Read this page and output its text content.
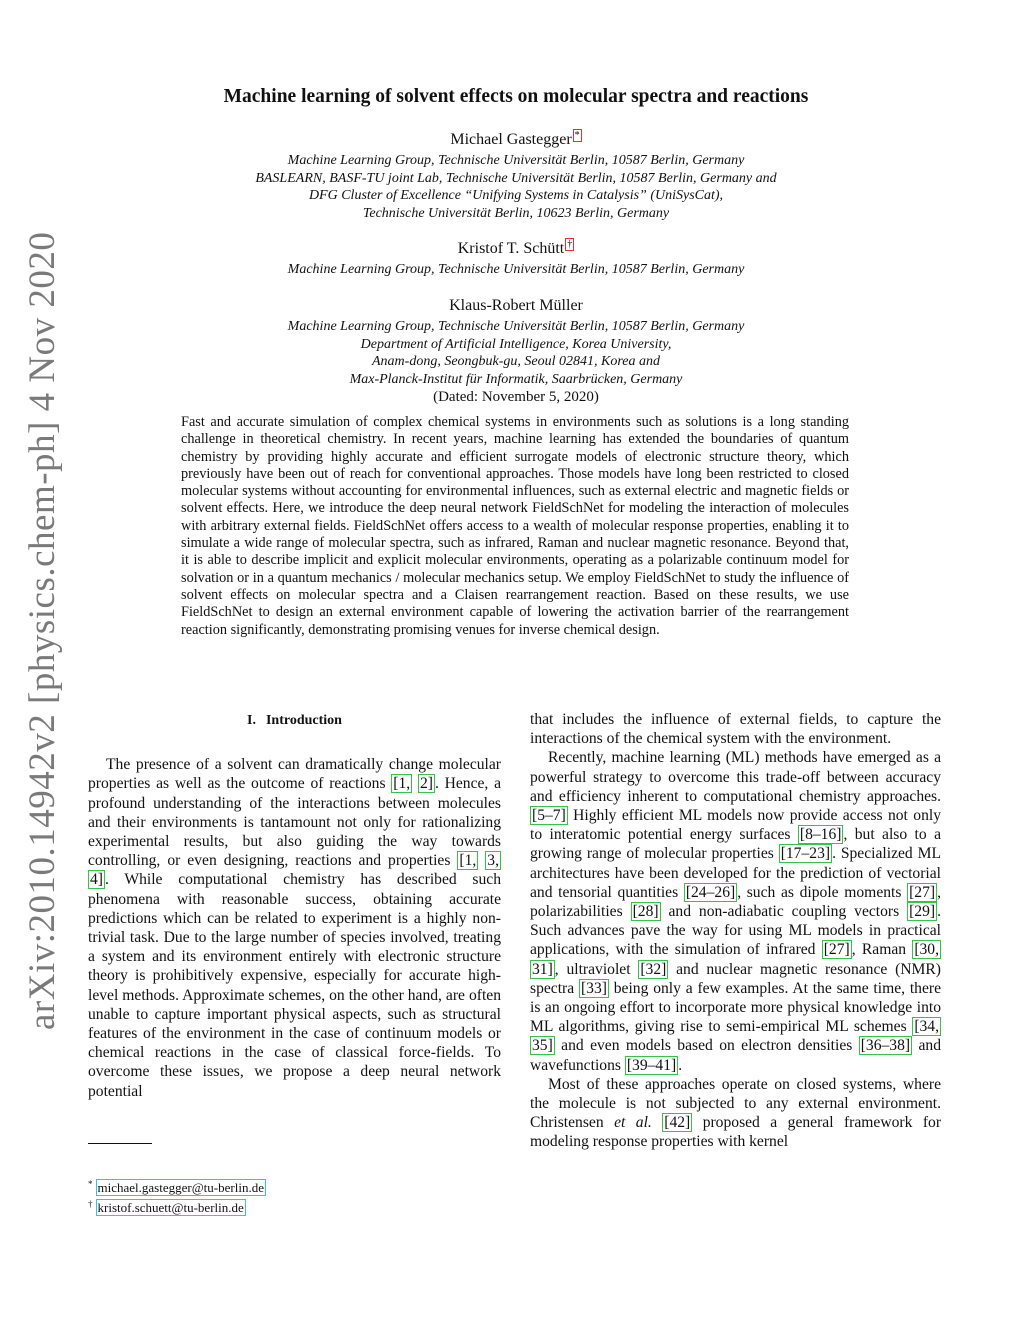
arXiv:2010.14942v2 [physics.chem-ph] 4 Nov 2020
Machine learning of solvent effects on molecular spectra and reactions
Michael Gastegger *

Machine Learning Group, Technische Universität Berlin, 10587 Berlin, Germany

BASLEARN, BASF-TU joint Lab, Technische Universität Berlin, 10587 Berlin, Germany and

DFG Cluster of Excellence “Unifying Systems in Catalysis” (UniSysCat),

Technische Universität Berlin, 10623 Berlin, Germany

Kristof T. Schütt †

Machine Learning Group, Technische Universität Berlin, 10587 Berlin, Germany

Klaus-Robert Müller

Machine Learning Group, Technische Universität Berlin, 10587 Berlin, Germany

Department of Artificial Intelligence, Korea University,

Anam-dong, Seongbuk-gu, Seoul 02841, Korea and

Max-Planck-Institut für Informatik, Saarbrücken, Germany

(Dated: November 5, 2020)

Fast and accurate simulation of complex chemical systems in environments such as solutions is a long standing challenge in theoretical chemistry. In recent years, machine learning has extended the boundaries of quantum chemistry by providing highly accurate and efficient surrogate models of electronic structure theory, which previously have been out of reach for conventional approaches. Those models have long been restricted to closed molecular systems without accounting for environmental influences, such as external electric and magnetic fields or solvent effects. Here, we introduce the deep neural network FieldSchNet for modeling the interaction of molecules with arbitrary external fields. FieldSchNet offers access to a wealth of molecular response properties, enabling it to simulate a wide range of molecular spectra, such as infrared, Raman and nuclear magnetic resonance. Beyond that, it is able to describe implicit and explicit molecular environments, operating as a polarizable continuum model for solvation or in a quantum mechanics / molecular mechanics setup. We employ FieldSchNet to study the influence of solvent effects on molecular spectra and a Claisen rearrangement reaction. Based on these results, we use FieldSchNet to design an external environment capable of lowering the activation barrier of the rearrangement reaction significantly, demonstrating promising venues for inverse chemical design.

I. Introduction

The presence of a solvent can dramatically change molecular properties as well as the outcome of reactions [1, 2] . Hence, a profound understanding of the interactions between molecules and their environments is tantamount not only for rationalizing experimental results, but also guiding the way towards controlling, or even designing, reactions and properties [1, 3, 4] . While computational chemistry has described such phenomena with reasonable success, obtaining accurate predictions which can be related to experiment is a highly non-trivial task. Due to the large number of species involved, treating a system and its environment entirely with electronic structure theory is prohibitively expensive, especially for accurate high-level methods. Approximate schemes, on the other hand, are often unable to capture important physical aspects, such as structural features of the environment in the case of continuum models or chemical reactions in the case of classical force-fields. To overcome these issues, we propose a deep neural network potential

that includes the influence of external fields, to capture the interactions of the chemical system with the environment.

Recently, machine learning (ML) methods have emerged as a powerful strategy to overcome this trade-off between accuracy and efficiency inherent to computational chemistry approaches.[5–7] Highly efficient ML models now provide access not only to interatomic potential energy surfaces [8–16] , but also to a growing range of molecular properties [17–23] . Specialized ML architectures have been developed for the prediction of vectorial and tensorial quantities [24–26] , such as dipole moments [27] , polarizabilities [28] and non-adiabatic coupling vectors [29] . Such advances pave the way for using ML models in practical applications, with the simulation of infrared [27] , Raman [30, 31] , ultraviolet [32] and nuclear magnetic resonance (NMR) spectra [33] being only a few examples. At the same time, there is an ongoing effort to incorporate more physical knowledge into ML algorithms, giving rise to semi-empirical ML schemes [34, 35] and even models based on electron densities [36–38] and wavefunctions [39–41] .

Most of these approaches operate on closed systems, where the molecule is not subjected to any external environment. Christensen et al. [42] proposed a general framework for modeling response properties with kernel

* michael.gastegger@tu-berlin.de
† kristof.schuett@tu-berlin.de
